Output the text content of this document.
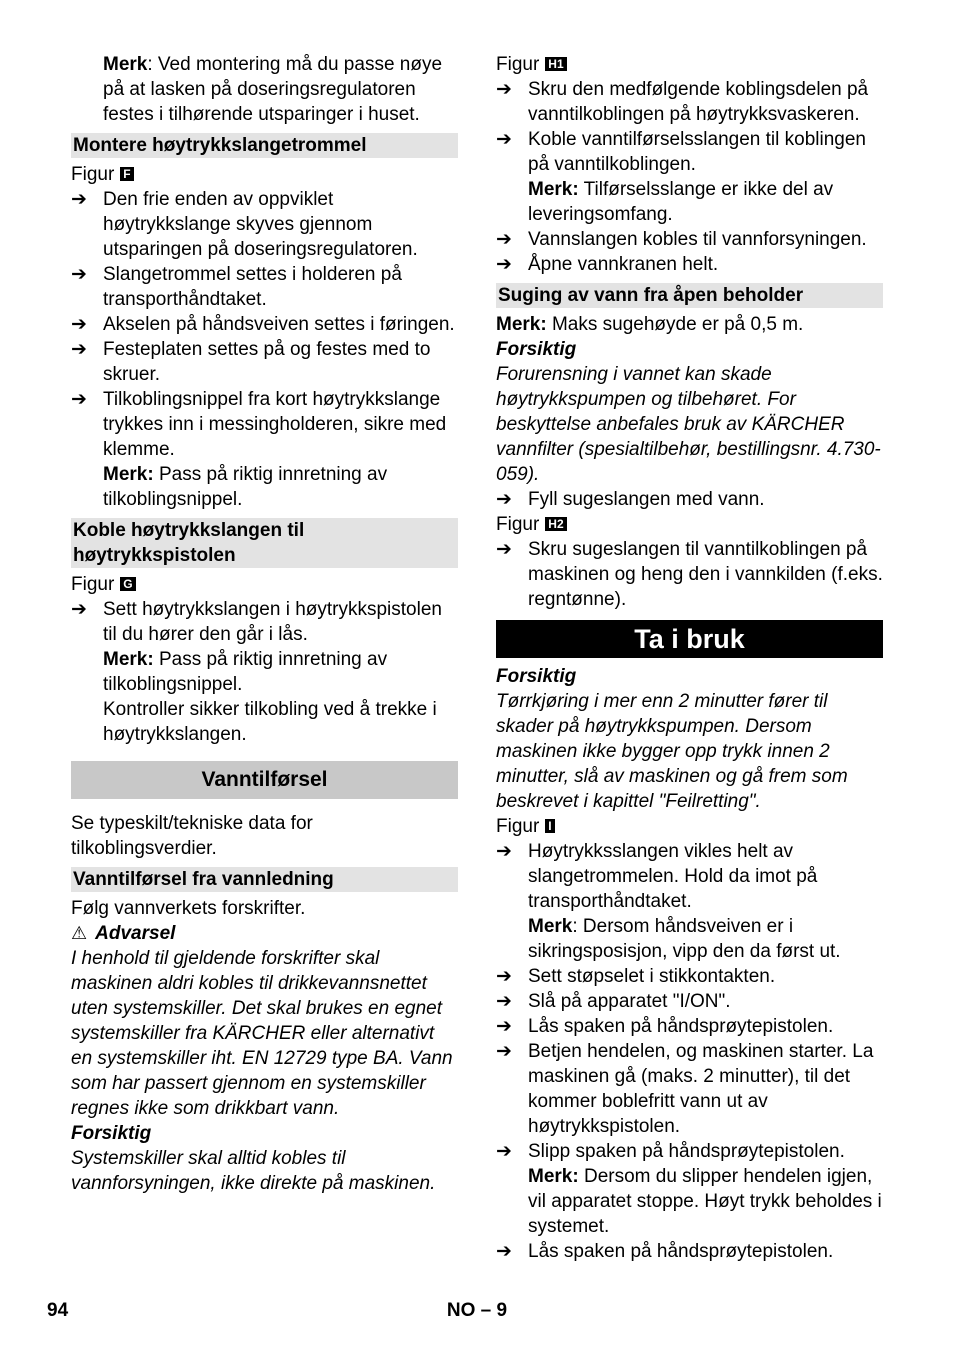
Merk: Ved montering må du passe nøye på at lasken på doseringsregulatoren festes i tilhørende utsparinger i huset.

Montere høytrykkslangetrommel

Figur F

➔ Den frie enden av oppviklet høytrykkslange skyves gjennom utsparingen på doseringsregulatoren.
➔ Slangetrommel settes i holderen på transporthåndtaket.
➔ Akselen på håndsveiven settes i føringen.
➔ Festeplaten settes på og festes med to skruer.
➔ Tilkoblingsnippel fra kort høytrykkslange trykkes inn i messingholderen, sikre med klemme.

Merk: Pass på riktig innretning av tilkoblingsnippel.

Koble høytrykkslangen til høytrykkspistolen

Figur G

➔ Sett høytrykkslangen i høytrykkspistolen til du hører den går i lås.

Merk: Pass på riktig innretning av tilkoblingsnippel.

Kontroller sikker tilkobling ved å trekke i høytrykkslangen.

Vanntilførsel

Se typeskilt/tekniske data for tilkoblingsverdier.

Vanntilførsel fra vannledning

Følg vannverkets forskrifter.

⚠ Advarsel

I henhold til gjeldende forskrifter skal maskinen aldri kobles til drikkevannsnettet uten systemskiller. Det skal brukes en egnet systemskiller fra KÄRCHER eller alternativt en systemskiller iht. EN 12729 type BA. Vann som har passert gjennom en systemskiller regnes ikke som drikkbart vann.

Forsiktig

Systemskiller skal alltid kobles til vannforsyningen, ikke direkte på maskinen.

Figur H1

➔ Skru den medfølgende koblingsdelen på vanntilkoblingen på høytrykksvaskeren.
➔ Koble vanntilførselsslangen til koblingen på vanntilkoblingen.

Merk: Tilførselsslange er ikke del av leveringsomfang.

➔ Vannslangen kobles til vannforsyningen.
➔ Åpne vannkranen helt.
Suging av vann fra åpen beholder

Merk: Maks sugehøyde er på 0,5 m.

Forsiktig

Forurensning i vannet kan skade høytrykkspumpen og tilbehøret. For beskyttelse anbefales bruk av KÄRCHER vannfilter (spesialtilbehør, bestillingsnr. 4.730-059).

➔ Fyll sugeslangen med vann.

Figur H2

➔ Skru sugeslangen til vanntilkoblingen på maskinen og heng den i vannkilden (f.eks. regntønne).
Ta i bruk

Forsiktig

Tørrkjøring i mer enn 2 minutter fører til skader på høytrykkspumpen. Dersom maskinen ikke bygger opp trykk innen 2 minutter, slå av maskinen og gå frem som beskrevet i kapittel "Feilretting".

Figur I

➔ Høytrykksslangen vikles helt av slangetrommelen. Hold da imot på transporthåndtaket.

Merk: Dersom håndsveiven er i sikringsposisjon, vipp den da først ut.

➔ Sett støpselet i stikkontakten.
➔ Slå på apparatet "I/ON".
➔ Lås spaken på håndsprøytepistolen.
➔ Betjen hendelen, og maskinen starter. La maskinen gå (maks. 2 minutter), til det kommer boblefritt vann ut av høytrykkspistolen.
➔ Slipp spaken på håndsprøytepistolen.

Merk: Dersom du slipper hendelen igjen, vil apparatet stoppe. Høyt trykk beholdes i systemet.

➔ Lås spaken på håndsprøytepistolen.
94	NO – 9
